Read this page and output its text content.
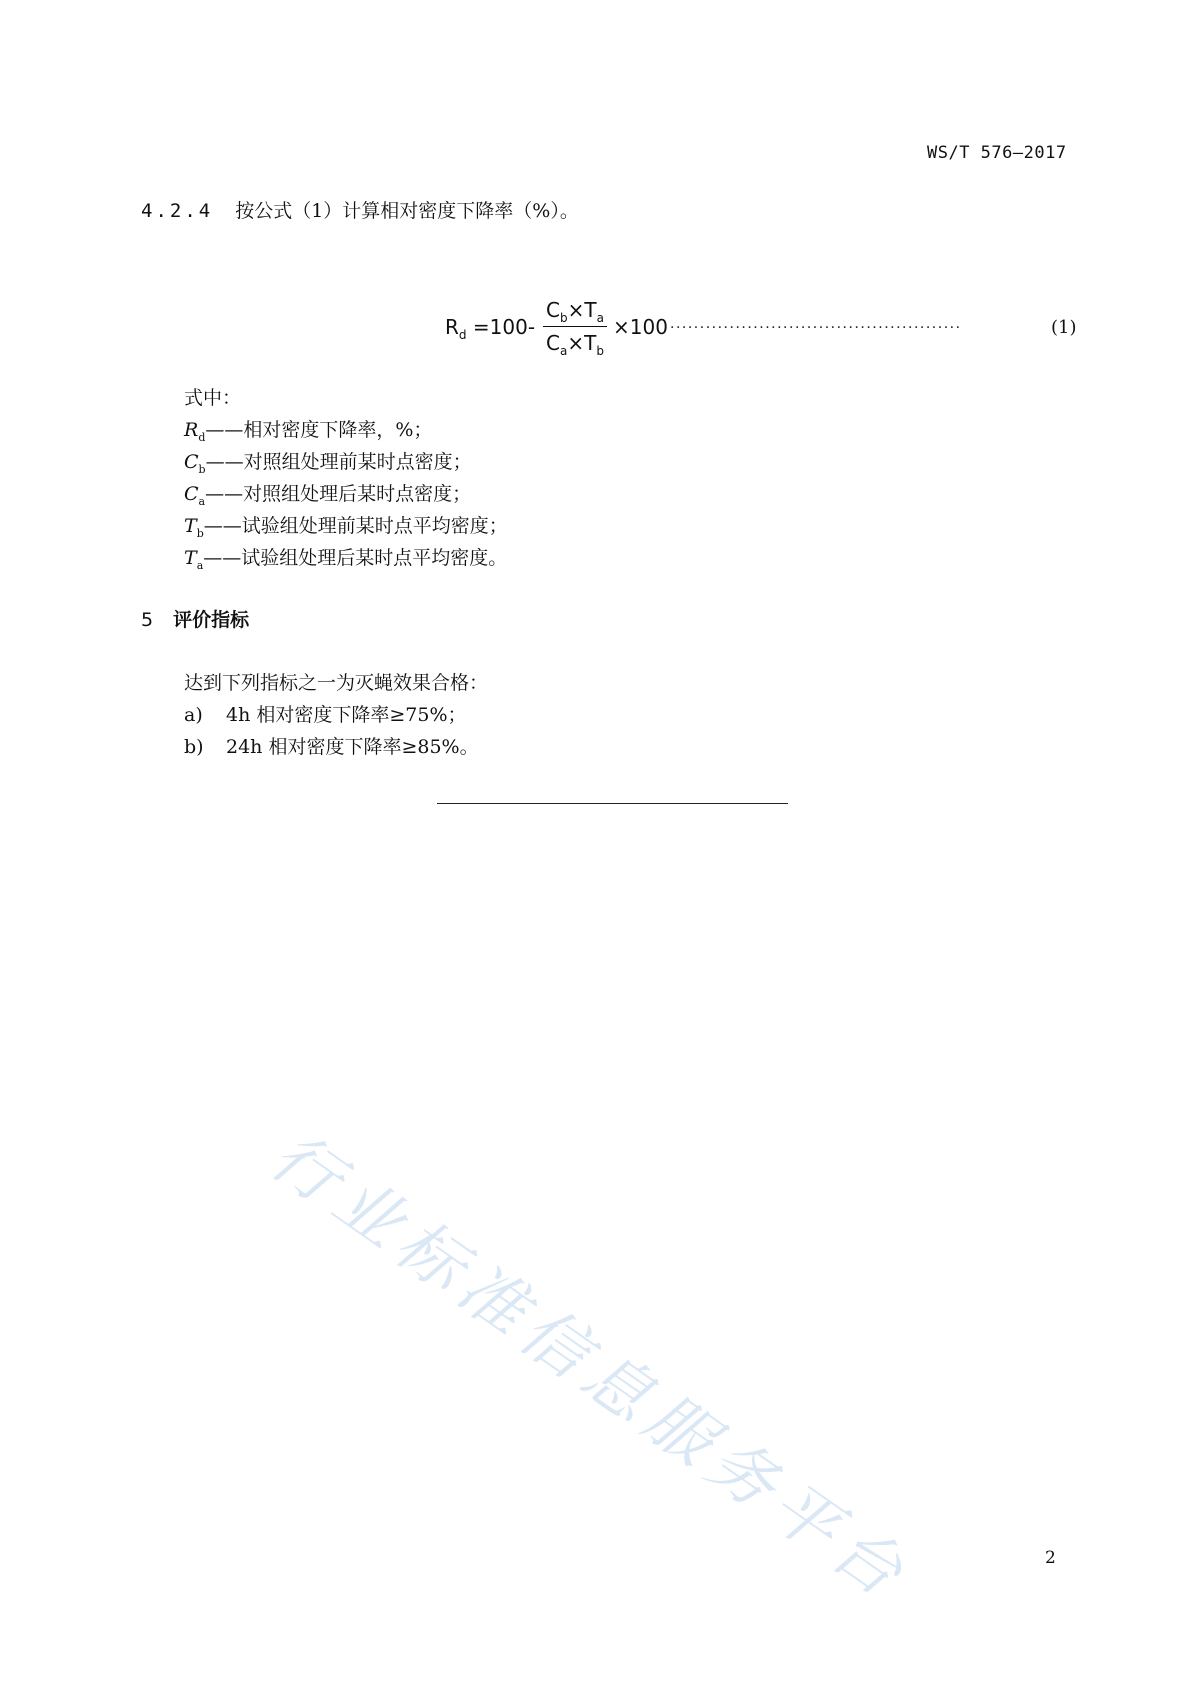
WS/T 576—2017
4.2.4 按公式（1）计算相对密度下降率（%）。
$R_d =100-$
$C_b\times T_a$
$C_a\times T_b$
×100 ·················································	(1)
式中：
$R_d——$相对密度下降率，%；
$C_b——$对照组处理前某时点密度；
$C_a——$对照组处理后某时点密度；
$T_b——$试验组处理前某时点平均密度；
$T_a——$试验组处理后某时点平均密度。
5 评价指标
达到下列指标之一为灭蝇效果合格：
a) 4h 相对密度下降率≥75%；
b) 24h 相对密度下降率≥85%。
行业标准信息服务平台	2
